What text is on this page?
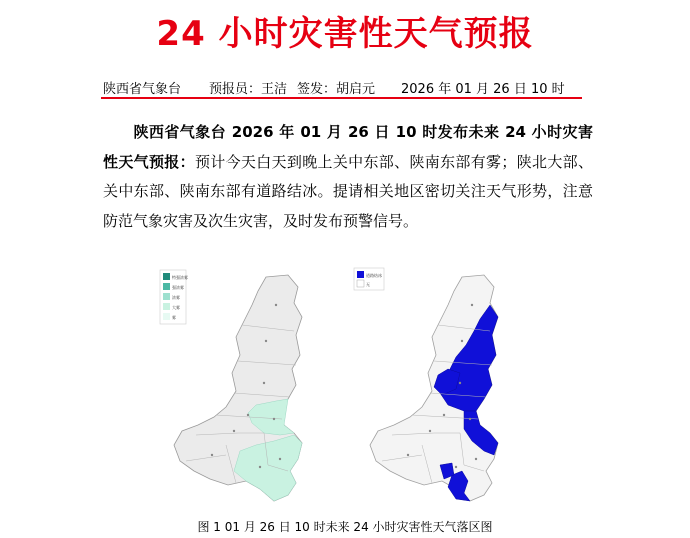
24 小时灾害性天气预报
陕西省气象台 预报员：王洁 签发：胡启元 2026 年 01 月 26 日 10 时
陕西省气象台 2026 年 01 月 26 日 10 时发布未来 24 小时灾害性天气预报：预计今天白天到晚上关中东部、陕南东部有雾；陕北大部、关中东部、陕南东部有道路结冰。提请相关地区密切关注天气形势，注意防范气象灾害及次生灾害，及时发布预警信号。
特强浓雾
强浓雾
浓雾
大雾
雾
道路结冰
无
图 1 01 月 26 日 10 时未来 24 小时灾害性天气落区图
